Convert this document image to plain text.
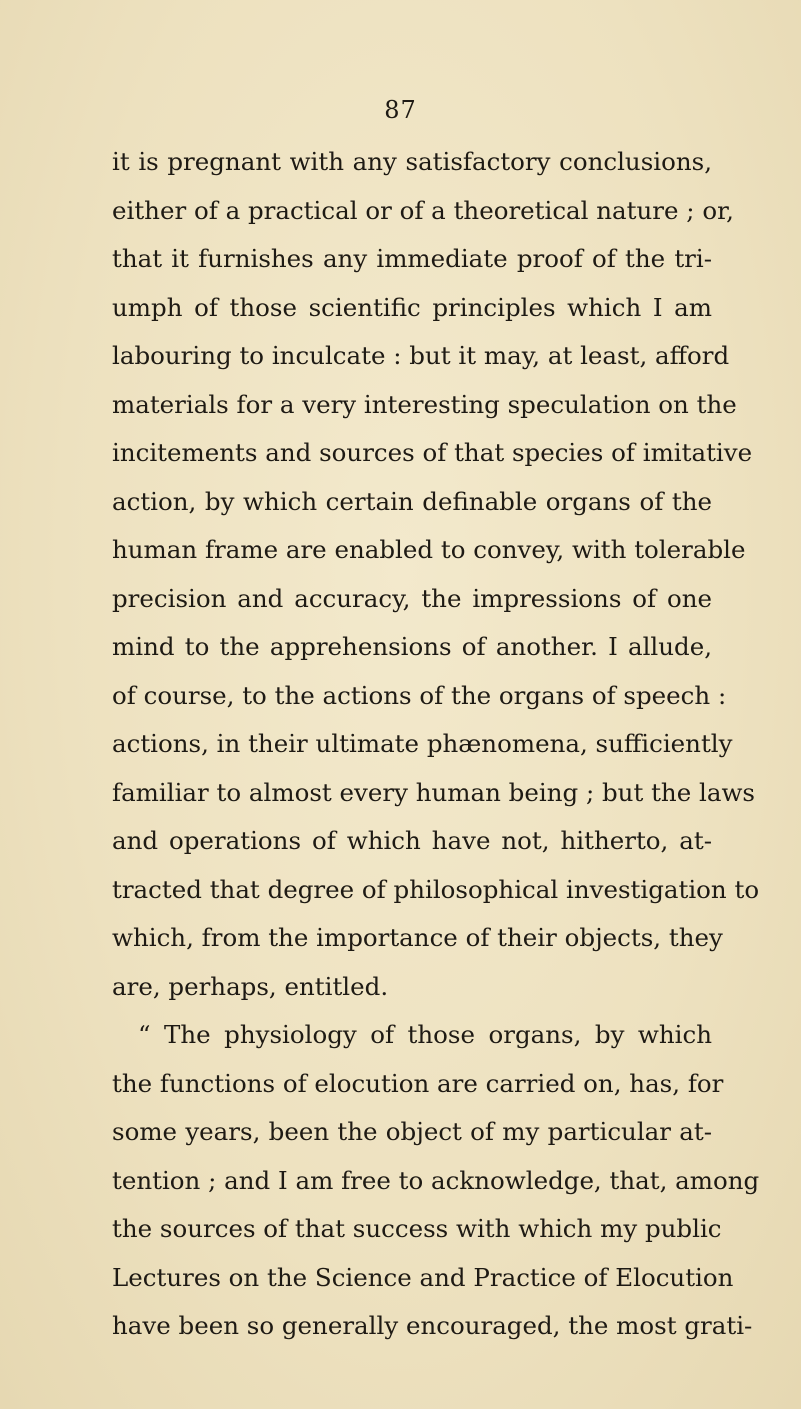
87
it is pregnant with any satisfactory conclusions,
either of a practical or of a theoretical nature ; or,
that it furnishes any immediate proof of the tri-
umph of those scientific principles which I am
labouring to inculcate : but it may, at least, afford
materials for a very interesting speculation on the
incitements and sources of that species of imitative
action, by which certain definable organs of the
human frame are enabled to convey, with tolerable
precision and accuracy, the impressions of one
mind to the apprehensions of another. I allude,
of course, to the actions of the organs of speech :
actions, in their ultimate phænomena, sufficiently
familiar to almost every human being ; but the laws
and operations of which have not, hitherto, at-
tracted that degree of philosophical investigation to
which, from the importance of their objects, they
are, perhaps, entitled.
“ The physiology of those organs, by which
the functions of elocution are carried on, has, for
some years, been the object of my particular at-
tention ; and I am free to acknowledge, that, among
the sources of that success with which my public
Lectures on the Science and Practice of Elocution
have been so generally encouraged, the most grati-
